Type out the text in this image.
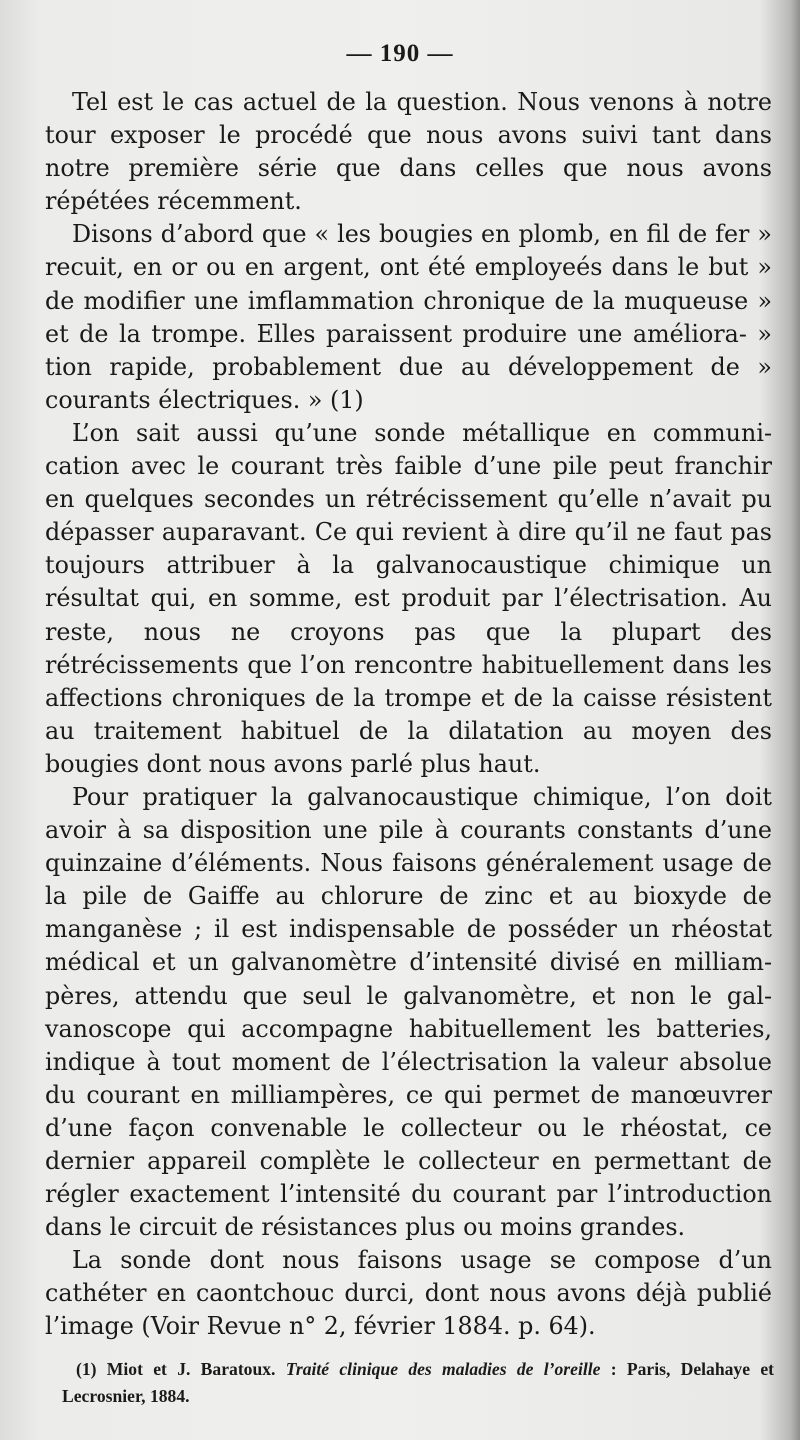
— 190 —

Tel est le cas actuel de la question. Nous venons à notre tour exposer le procédé que nous avons suivi tant dans notre première série que dans celles que nous avons répétées récemment.

Disons d’abord que « les bougies en plomb, en fil de fer » recuit, en or ou en argent, ont été employeés dans le but » de modifier une imflammation chronique de la muqueuse » et de la trompe. Elles paraissent produire une améliora- » tion rapide, probablement due au développement de » courants électriques. » (1)

L’on sait aussi qu’une sonde métallique en communication avec le courant très faible d’une pile peut franchir en quelques secondes un rétrécissement qu’elle n’avait pu dépasser auparavant. Ce qui revient à dire qu’il ne faut pas toujours attribuer à la galvanocaustique chimique un résultat qui, en somme, est produit par l’électrisation. Au reste, nous ne croyons pas que la plupart des rétrécissements que l’on rencontre habituellement dans les affections chroniques de la trompe et de la caisse résistent au traitement habituel de la dilatation au moyen des bougies dont nous avons parlé plus haut.

Pour pratiquer la galvanocaustique chimique, l’on doit avoir à sa disposition une pile à courants constants d’une quinzaine d’éléments. Nous faisons généralement usage de la pile de Gaiffe au chlorure de zinc et au bioxyde de manganèse ; il est indispensable de posséder un rhéostat médical et un galvanomètre d’intensité divisé en milliampères, attendu que seul le galvanomètre, et non le galvanoscope qui accompagne habituellement les batteries, indique à tout moment de l’électrisation la valeur absolue du courant en milliampères, ce qui permet de manœuvrer d’une façon convenable le collecteur ou le rhéostat, ce dernier appareil complète le collecteur en permettant de régler exactement l’intensité du courant par l’introduction dans le circuit de résistances plus ou moins grandes.

La sonde dont nous faisons usage se compose d’un cathéter en caontchouc durci, dont nous avons déjà publié l’image (Voir Revue n° 2, février 1884. p. 64).

(1) Miot et J. Baratoux. Traité clinique des maladies de l’oreille : Paris, Delahaye et Lecrosnier, 1884.
